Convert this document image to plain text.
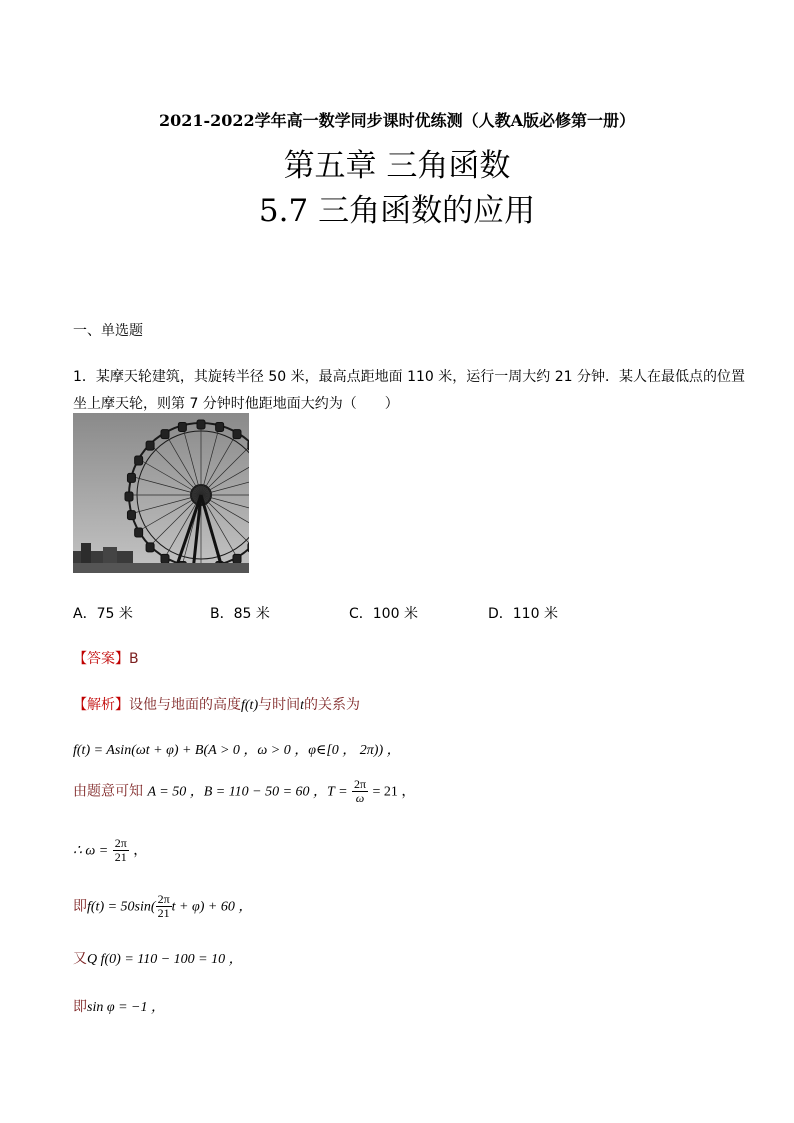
2021-2022学年高一数学同步课时优练测（人教A版必修第一册）
第五章 三角函数
5.7 三角函数的应用
一、单选题
1．某摩天轮建筑，其旋转半径 50 米，最高点距地面 110 米，运行一周大约 21 分钟．某人在最低点的位置
坐上摩天轮，则第 7 分钟时他距地面大约为（　　）
A．75 米	B．85 米	C．100 米	D．110 米
【答案】B
【解析】设他与地面的高度f(t)与时间t的关系为
f(t) = Asin(ωt + φ) + B(A > 0 ，ω > 0 ，φ∈[0 ， 2π)) ，
由题意可知 A = 50 ，B = 110 − 50 = 60 ，$T = \frac{2\pi}{\omega} = 21$ ，
∴ $\omega = \frac{2\pi}{21}$ ，
即$f(t) = 50\sin( \frac{2\pi}{21}$ t + φ) + 60 ，
又Q f(0) = 110 − 100 = 10 ，
即sin φ = −1 ，
